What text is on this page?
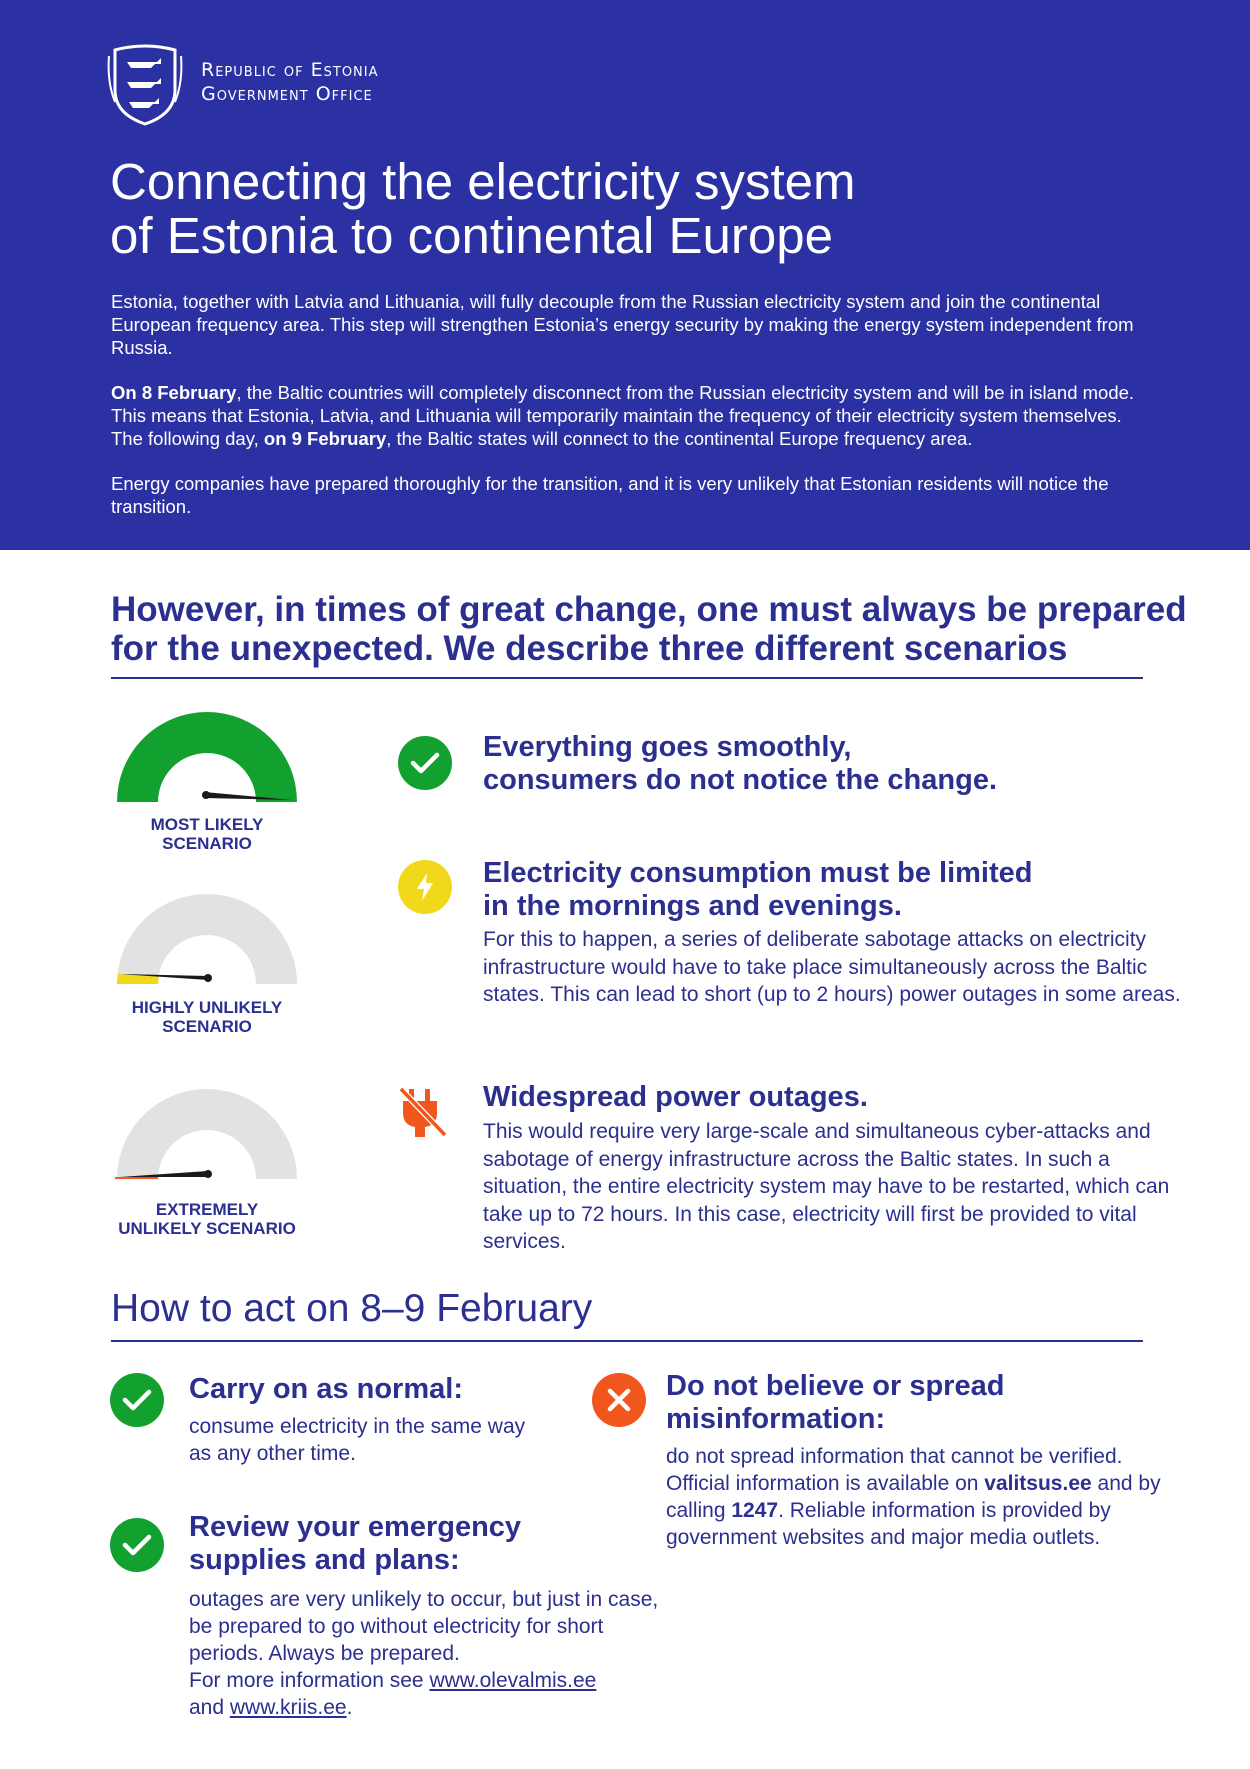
Republic of Estonia
Government Office
Connecting the electricity system
of Estonia to continental Europe

Estonia, together with Latvia and Lithuania, will fully decouple from the Russian electricity system and join the continental European frequency area. This step will strengthen Estonia’s energy security by making the energy system independent from Russia.

On 8 February, the Baltic countries will completely disconnect from the Russian electricity system and will be in island mode. This means that Estonia, Latvia, and Lithuania will temporarily maintain the frequency of their electricity system themselves. The following day, on 9 February, the Baltic states will connect to the continental Europe frequency area.

Energy companies have prepared thoroughly for the transition, and it is very unlikely that Estonian residents will notice the transition.

However, in times of great change, one must always be prepared
for the unexpected. We describe three different scenarios
MOST LIKELY
SCENARIO
HIGHLY UNLIKELY
SCENARIO
EXTREMELY
UNLIKELY SCENARIO
Everything goes smoothly,
consumers do not notice the change.
Electricity consumption must be limited
in the mornings and evenings.
For this to happen, a series of deliberate sabotage attacks on electricity infrastructure would have to take place simultaneously across the Baltic states. This can lead to short (up to 2 hours) power outages in some areas.
Widespread power outages.
This would require very large-scale and simultaneous cyber-attacks and sabotage of energy infrastructure across the Baltic states. In such a situation, the entire electricity system may have to be restarted, which can take up to 72 hours. In this case, electricity will first be provided to vital services.
How to act on 8–9 February
Carry on as normal:
consume electricity in the same way as any other time.
Review your emergency
supplies and plans:
outages are very unlikely to occur, but just in case, be prepared to go without electricity for short periods. Always be prepared.
For more information see www.olevalmis.ee
and www.kriis.ee.
Do not believe or spread
misinformation:
do not spread information that cannot be verified. Official information is available on valitsus.ee and by calling 1247. Reliable information is provided by government websites and major media outlets.
